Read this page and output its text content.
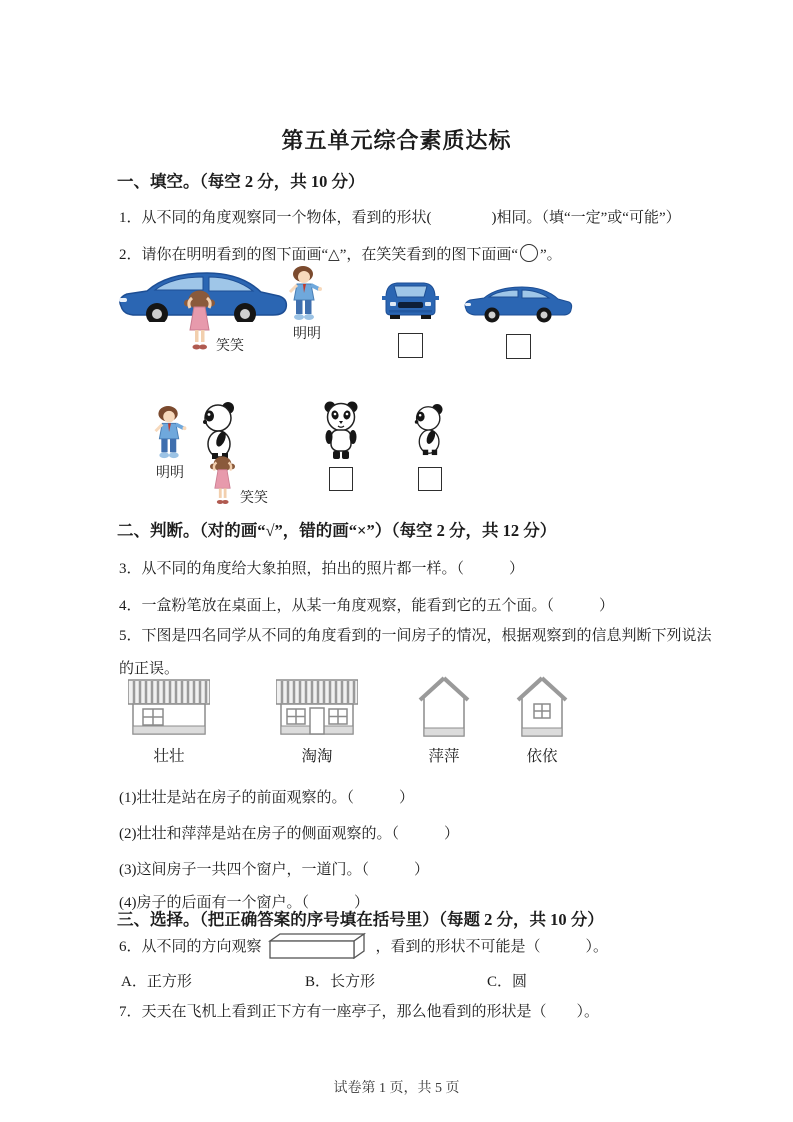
第五单元综合素质达标
一、填空。（每空 2 分，共 10 分）
1．从不同的角度观察同一个物体，看到的形状(　　　　)相同。（填“一定”或“可能”）
2．请你在明明看到的图下面画“△”，在笑笑看到的图下面画“ ”。
笑笑
明明
明明
笑笑
二、判断。（对的画“√”，错的画“×”）（每空 2 分，共 12 分）
3．从不同的角度给大象拍照，拍出的照片都一样。（　　　）
4．一盒粉笔放在桌面上，从某一角度观察，能看到它的五个面。（　　　）
5．下图是四名同学从不同的角度看到的一间房子的情况，根据观察到的信息判断下列说法的正误。
壮壮	淘淘	萍萍	依依
(1)壮壮是站在房子的前面观察的。（　　　）
(2)壮壮和萍萍是站在房子的侧面观察的。（　　　）
(3)这间房子一共四个窗户，一道门。（　　　）
(4)房子的后面有一个窗户。（　　　）
三、选择。（把正确答案的序号填在括号里）（每题 2 分，共 10 分）
6．从不同的方向观察	，看到的形状不可能是（　　　）。
A．正方形	B．长方形	C．圆
7．天天在飞机上看到正下方有一座亭子，那么他看到的形状是（　　）。
试卷第 1 页，共 5 页
